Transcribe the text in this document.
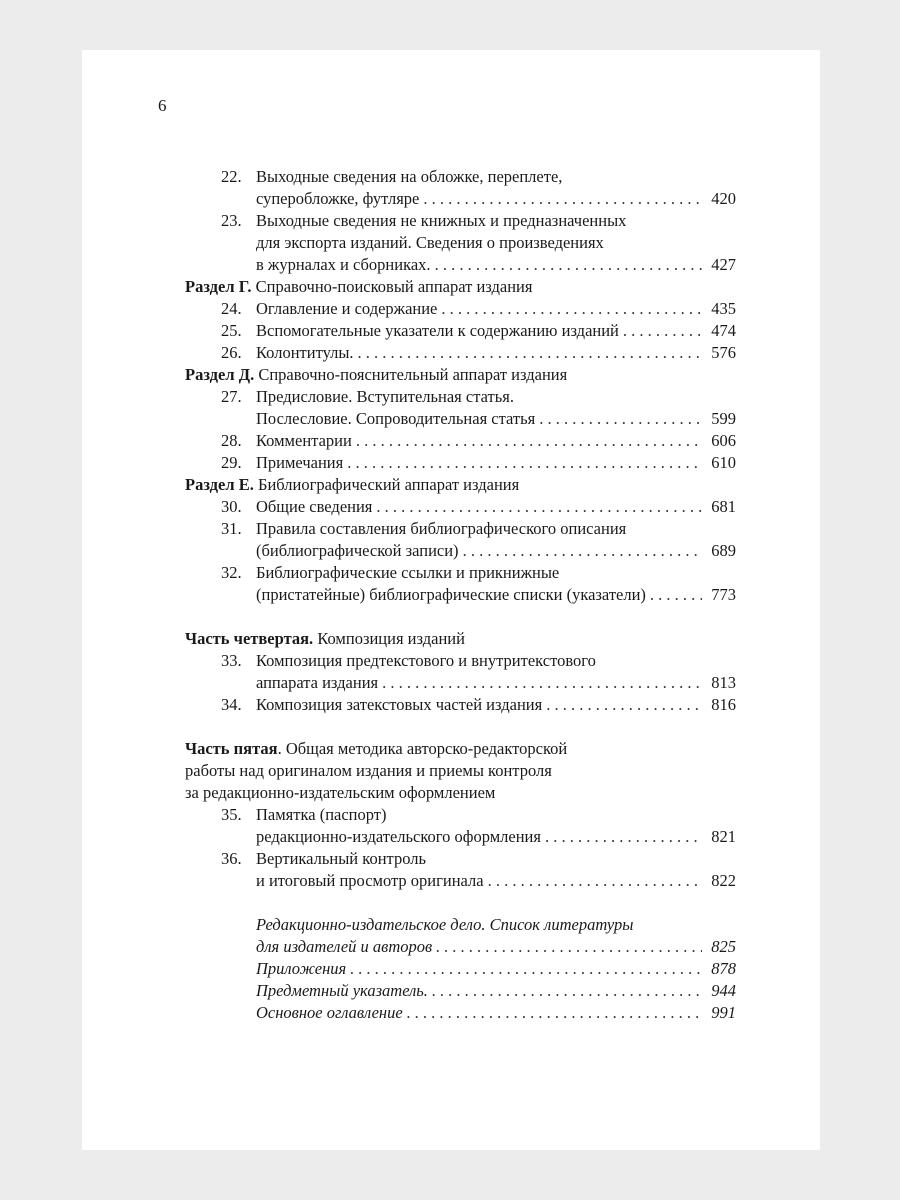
6
22. Выходные сведения на обложке, переплете,
суперобложке, футляре . . .	420
23. Выходные сведения не книжных и предназначенных
для экспорта изданий. Сведения о произведениях
в журналах и сборниках. . . .	427
Раздел Г. Справочно-поисковый аппарат издания
24. Оглавление и содержание . . .	435
25. Вспомогательные указатели к содержанию изданий . . .	474
26. Колонтитулы. . . .	576
Раздел Д. Справочно-пояснительный аппарат издания
27. Предисловие. Вступительная статья.
Послесловие. Сопроводительная статья . . .	599
28. Комментарии . . .	606
29. Примечания . . .	610
Раздел Е. Библиографический аппарат издания
30. Общие сведения . . .	681
31. Правила составления библиографического описания
(библиографической записи) . . .	689
32. Библиографические ссылки и прикнижные
(пристатейные) библиографические списки (указатели) . . .	773
Часть четвертая. Композиция изданий
33. Композиция предтекстового и внутритекстового
аппарата издания . . .	813
34. Композиция затекстовых частей издания . . .	816
Часть пятая. Общая методика авторско-редакторской
работы над оригиналом издания и приемы контроля
за редакционно-издательским оформлением
35. Памятка (паспорт)
редакционно-издательского оформления . . .	821
36. Вертикальный контроль
и итоговый просмотр оригинала . . .	822
Редакционно-издательское дело. Список литературы
для издателей и авторов . . .	825
Приложения . . .	878
Предметный указатель. . . .	944
Основное оглавление . . .	991
